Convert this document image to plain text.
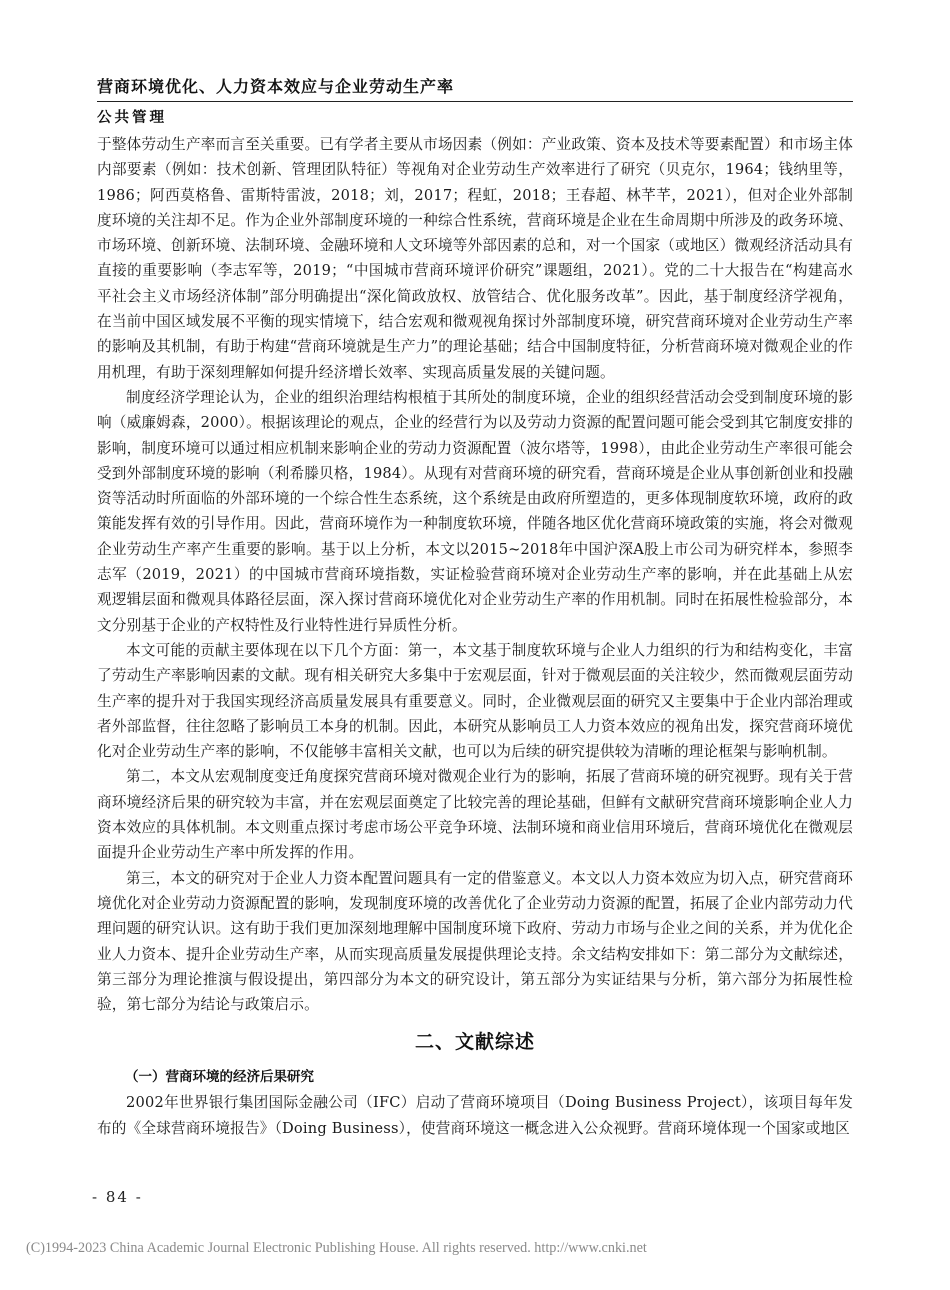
营商环境优化、人力资本效应与企业劳动生产率
公共管理

于整体劳动生产率而言至关重要。已有学者主要从市场因素（例如：产业政策、资本及技术等要素配置）和市场主体内部要素（例如：技术创新、管理团队特征）等视角对企业劳动生产效率进行了研究（贝克尔，1964；钱纳里等，1986；阿西莫格鲁、雷斯特雷波，2018；刘，2017；程虹，2018；王春超、林芊芊，2021），但对企业外部制度环境的关注却不足。作为企业外部制度环境的一种综合性系统，营商环境是企业在生命周期中所涉及的政务环境、市场环境、创新环境、法制环境、金融环境和人文环境等外部因素的总和，对一个国家（或地区）微观经济活动具有直接的重要影响（李志军等，2019；“中国城市营商环境评价研究”课题组，2021）。党的二十大报告在“构建高水平社会主义市场经济体制”部分明确提出“深化简政放权、放管结合、优化服务改革”。因此，基于制度经济学视角，在当前中国区域发展不平衡的现实情境下，结合宏观和微观视角探讨外部制度环境，研究营商环境对企业劳动生产率的影响及其机制，有助于构建“营商环境就是生产力”的理论基础；结合中国制度特征，分析营商环境对微观企业的作用机理，有助于深刻理解如何提升经济增长效率、实现高质量发展的关键问题。

制度经济学理论认为，企业的组织治理结构根植于其所处的制度环境，企业的组织经营活动会受到制度环境的影响（威廉姆森，2000）。根据该理论的观点，企业的经营行为以及劳动力资源的配置问题可能会受到其它制度安排的影响，制度环境可以通过相应机制来影响企业的劳动力资源配置（波尔塔等，1998），由此企业劳动生产率很可能会受到外部制度环境的影响（利希滕贝格，1984）。从现有对营商环境的研究看，营商环境是企业从事创新创业和投融资等活动时所面临的外部环境的一个综合性生态系统，这个系统是由政府所塑造的，更多体现制度软环境，政府的政策能发挥有效的引导作用。因此，营商环境作为一种制度软环境，伴随各地区优化营商环境政策的实施，将会对微观企业劳动生产率产生重要的影响。基于以上分析，本文以2015~2018年中国沪深A股上市公司为研究样本，参照李志军（2019，2021）的中国城市营商环境指数，实证检验营商环境对企业劳动生产率的影响，并在此基础上从宏观逻辑层面和微观具体路径层面，深入探讨营商环境优化对企业劳动生产率的作用机制。同时在拓展性检验部分，本文分别基于企业的产权特性及行业特性进行异质性分析。

本文可能的贡献主要体现在以下几个方面：第一，本文基于制度软环境与企业人力组织的行为和结构变化，丰富了劳动生产率影响因素的文献。现有相关研究大多集中于宏观层面，针对于微观层面的关注较少，然而微观层面劳动生产率的提升对于我国实现经济高质量发展具有重要意义。同时，企业微观层面的研究又主要集中于企业内部治理或者外部监督，往往忽略了影响员工本身的机制。因此，本研究从影响员工人力资本效应的视角出发，探究营商环境优化对企业劳动生产率的影响，不仅能够丰富相关文献，也可以为后续的研究提供较为清晰的理论框架与影响机制。

第二，本文从宏观制度变迁角度探究营商环境对微观企业行为的影响，拓展了营商环境的研究视野。现有关于营商环境经济后果的研究较为丰富，并在宏观层面奠定了比较完善的理论基础，但鲜有文献研究营商环境影响企业人力资本效应的具体机制。本文则重点探讨考虑市场公平竞争环境、法制环境和商业信用环境后，营商环境优化在微观层面提升企业劳动生产率中所发挥的作用。

第三，本文的研究对于企业人力资本配置问题具有一定的借鉴意义。本文以人力资本效应为切入点，研究营商环境优化对企业劳动力资源配置的影响，发现制度环境的改善优化了企业劳动力资源的配置，拓展了企业内部劳动力代理问题的研究认识。这有助于我们更加深刻地理解中国制度环境下政府、劳动力市场与企业之间的关系，并为优化企业人力资本、提升企业劳动生产率，从而实现高质量发展提供理论支持。余文结构安排如下：第二部分为文献综述，第三部分为理论推演与假设提出，第四部分为本文的研究设计，第五部分为实证结果与分析，第六部分为拓展性检验，第七部分为结论与政策启示。

二、文献综述
（一）营商环境的经济后果研究

2002年世界银行集团国际金融公司（IFC）启动了营商环境项目（Doing Business Project），该项目每年发布的《全球营商环境报告》（Doing Business），使营商环境这一概念进入公众视野。营商环境体现一个国家或地区

- 84 -
(C)1994-2023 China Academic Journal Electronic Publishing House. All rights reserved. http://www.cnki.net
